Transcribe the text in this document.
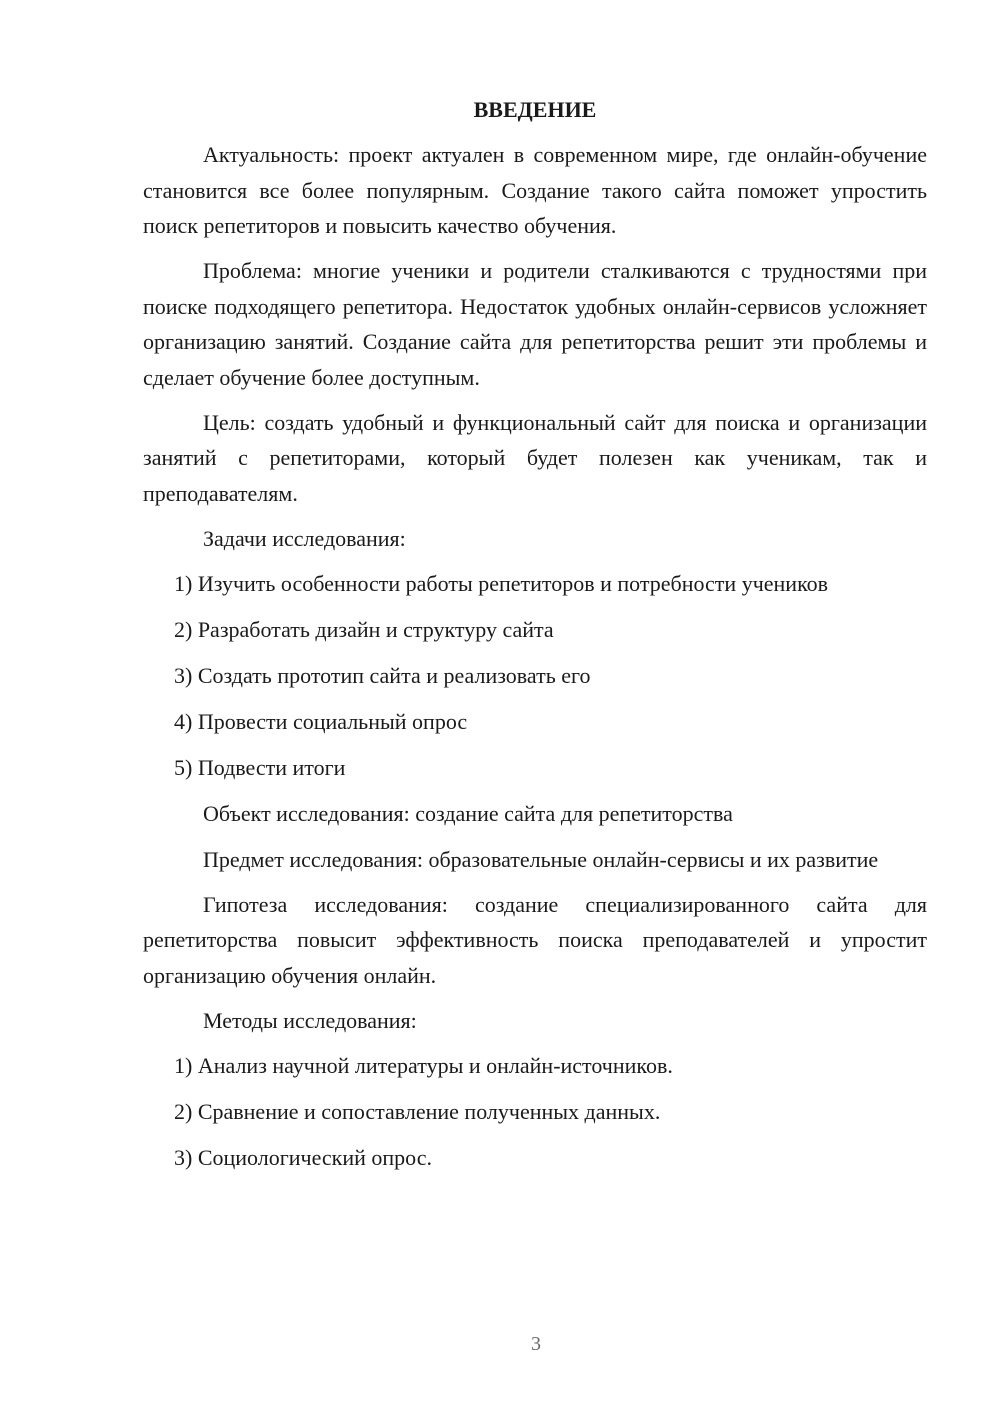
ВВЕДЕНИЕ

Актуальность: проект актуален в современном мире, где онлайн-обучение становится все более популярным. Создание такого сайта поможет упростить поиск репетиторов и повысить качество обучения.

Проблема: многие ученики и родители сталкиваются с трудностями при поиске подходящего репетитора. Недостаток удобных онлайн-сервисов усложняет организацию занятий. Создание сайта для репетиторства решит эти проблемы и сделает обучение более доступным.

Цель: создать удобный и функциональный сайт для поиска и организации занятий с репетиторами, который будет полезен как ученикам, так и преподавателям.

Задачи исследования:
1) Изучить особенности работы репетиторов и потребности учеников
2) Разработать дизайн и структуру сайта
3) Создать прототип сайта и реализовать его
4) Провести социальный опрос
5) Подвести итоги
Объект исследования: создание сайта для репетиторства

Предмет исследования: образовательные онлайн-сервисы и их развитие

Гипотеза исследования: создание специализированного сайта для репетиторства повысит эффективность поиска преподавателей и упростит организацию обучения онлайн.

Методы исследования:
1) Анализ научной литературы и онлайн-источников.
2) Сравнение и сопоставление полученных данных.
3) Социологический опрос.
3
